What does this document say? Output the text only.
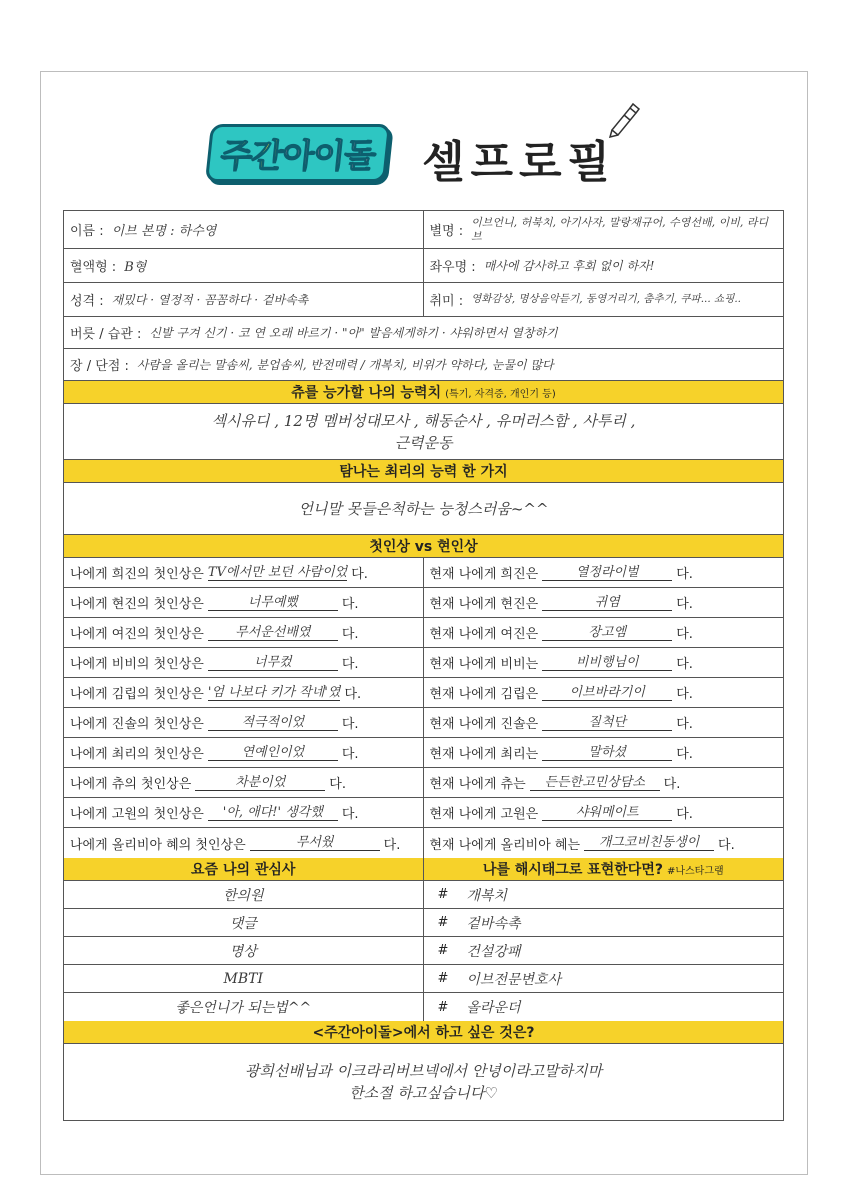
주간
아이돌 셀프로필
이름 : 이브 본명 : 하수영	별명 :
이브언니, 허북치, 아기사자, 말랑재규어, 수영선배, 이비, 라디브
혈액형 : B형	좌우명 : 매사에 감사하고 후회 없이 하자!
성격 : 재밌다 · 열정적 · 꼼꼼하다 · 겉바속촉	취미 : 영화감상, 명상음악듣기, 동영거리기, 춤추기, 쿠파... 쇼핑..
버릇 / 습관 : 신발 구겨 신기 · 코 연 오래 바르기 · "아" 발음세게하기 · 샤워하면서 열창하기
장 / 단점 : 사람을 올리는 말솜씨, 분업솜씨, 반전매력 / 개복치, 비위가 약하다, 눈물이 많다
츄를 능가할 나의 능력치 (특기, 자격증, 개인기 등)
섹시유디 , 12명 멤버성대모사 , 해동순사 , 유머러스함 , 사투리 ,
근력운동
탐나는 최리의 능력 한 가지
언니말 못들은척하는 능청스러움~^^
첫인상 vs 현인상
나에게 희진의 첫인상은 TV에서만 보던 사람이었 다.	현재 나에게 희진은	열정라이벌	다.
나에게 현진의 첫인상은	너무예뻤	다.	현재 나에게 현진은	귀염	다.
나에게 여진의 첫인상은	무서운선배였	다.	현재 나에게 여진은	장고엠	다.
나에게 비비의 첫인상은	너무컸	다.	현재 나에게 비비는	비비행님이	다.
나에게 김립의 첫인상은 '엄 나보다 키가 작네'였 다.	현재 나에게 김립은	이브바라기이	다.
나에게 진솔의 첫인상은	적극적이었	다.	현재 나에게 진솔은	질척단	다.
나에게 최리의 첫인상은	연예인이었	다.	현재 나에게 최리는	말하셨	다.
나에게 츄의 첫인상은	차분이었	다.	현재 나에게 츄는	든든한고민상담소	다.
나에게 고원의 첫인상은	'아, 애다!' 생각했	다.	현재 나에게 고원은	샤워메이트	다.
나에게 올리비아 혜의 첫인상은	무서웠	다. 현재 나에게 올리비아 혜는	개그코비친동생이	다.
요즘 나의 관심사	나를 해시태그로 표현한다면? #나스타그램
한의원	# 개복치
댓글	# 겉바속촉
명상	# 건설강패
MBTI	# 이브전문변호사
좋은언니가 되는법^^	# 올라운더
<주간아이돌>에서 하고 싶은 것은?
광희선배님과 이크라리버브넥에서 안녕이라고말하지마
한소절 하고싶습니다♡
